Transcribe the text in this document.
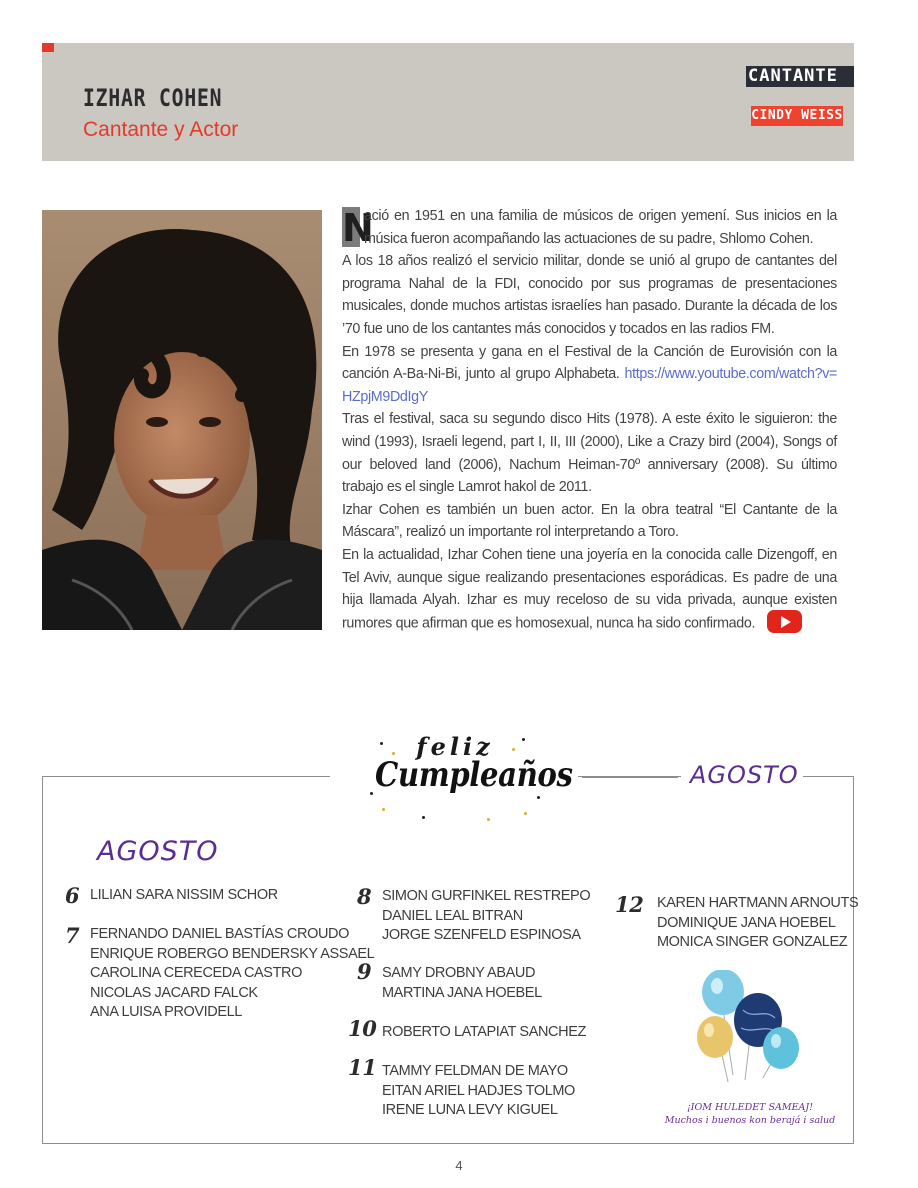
IZHAR COHEN
Cantante y Actor
CANTANTE
CINDY WEISS

N
ació en 1951 en una familia de músicos de origen yemení. Sus inicios en la música fueron acompañando las actuaciones de su padre, Shlomo Cohen.

A los 18 años realizó el servicio militar, donde se unió al grupo de cantantes del programa Nahal de la FDI, conocido por sus programas de presentaciones musicales, donde muchos artistas israelíes han pasado. Durante la década de los ’70 fue uno de los cantantes más conocidos y tocados en las radios FM.

En 1978 se presenta y gana en el Festival de la Canción de Eurovisión con la canción A-Ba-Ni-Bi, junto al grupo Alphabeta. https://www.youtube.com/watch?v=HZpjM9DdIgY

Tras el festival, saca su segundo disco Hits (1978). A este éxito le siguieron: the wind (1993), Israeli legend, part I, II, III (2000), Like a Crazy bird (2004), Songs of our beloved land (2006), Nachum Heiman-70º anniversary (2008). Su último trabajo es el single Lamrot hakol de 2011.

Izhar Cohen es también un buen actor. En la obra teatral “El Cantante de la Máscara”, realizó un importante rol interpretando a Toro.

En la actualidad, Izhar Cohen tiene una joyería en la conocida calle Dizengoff, en Tel Aviv, aunque sigue realizando presentaciones esporádicas. Es padre de una hija llamada Alyah. Izhar es muy receloso de su vida privada, aunque existen rumores que afirman que es homosexual, nunca ha sido confirmado.

feliz
Cumpleaños	AGOSTO
AGOSTO
6 LILIAN SARA NISSIM SCHOR
7 FERNANDO DANIEL BASTÍAS CROUDO
ENRIQUE ROBERGO BENDERSKY ASSAEL
CAROLINA CERECEDA CASTRO
NICOLAS JACARD FALCK
ANA LUISA PROVIDELL
8 SIMON GURFINKEL RESTREPO
DANIEL LEAL BITRAN
JORGE SZENFELD ESPINOSA
9 SAMY DROBNY ABAUD
MARTINA JANA HOEBEL
10 ROBERTO LATAPIAT SANCHEZ
11 TAMMY FELDMAN DE MAYO
EITAN ARIEL HADJES TOLMO
IRENE LUNA LEVY KIGUEL
12 KAREN HARTMANN ARNOUTS
DOMINIQUE JANA HOEBEL
MONICA SINGER GONZALEZ
¡IOM HULEDET SAMEAJ!
Muchos i buenos kon berajá i salud
4
